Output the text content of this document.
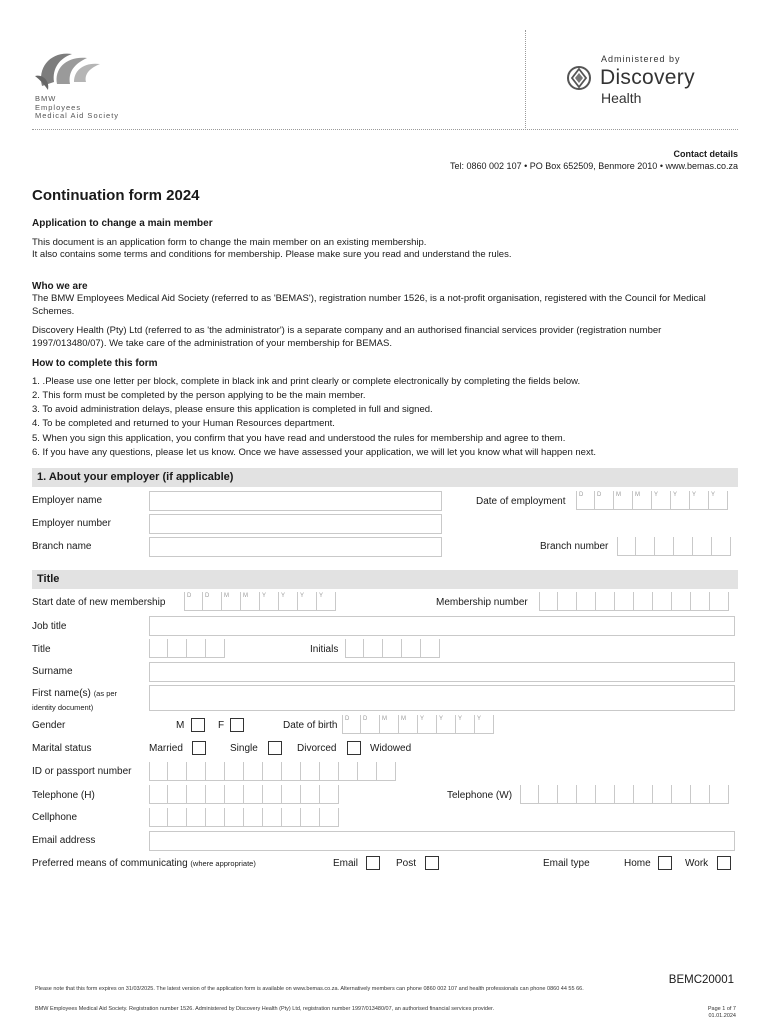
BMW
Employees
Medical Aid Society
Administered by
Discovery
Health
Contact details
Tel: 0860 002 107 • PO Box 652509, Benmore 2010 • www.bemas.co.za
Continuation form 2024
Application to change a main member
This document is an application form to change the main member on an existing membership.
It also contains some terms and conditions for membership. Please make sure you read and understand the rules.
Who we are
The BMW Employees Medical Aid Society (referred to as 'BEMAS'), registration number 1526, is a not-profit organisation, registered with the Council for Medical Schemes.
Discovery Health (Pty) Ltd (referred to as 'the administrator') is a separate company and an authorised financial services provider (registration number 1997/013480/07). We take care of the administration of your membership for BEMAS.
How to complete this form
1. .Please use one letter per block, complete in black ink and print clearly or complete electronically by completing the fields below.
2. This form must be completed by the person applying to be the main member.
3. To avoid administration delays, please ensure this application is completed in full and signed.
4. To be completed and returned to your Human Resources department.
5. When you sign this application, you confirm that you have read and understood the rules for membership and agree to them.
6. If you have any questions, please let us know. Once we have assessed your application, we will let you know what will happen next.
1. About your employer (if applicable)
Employer name	Date of employment
D D M M Y Y Y Y
Employer number
Branch name	Branch number
Title
Start date of new membership
D D M M Y Y Y Y
Membership number
Job title
Title	Initials
Surname
First name(s) (as per
identity document)
Gender	M	F	Date of birth
D D M M Y Y Y Y
Marital status	Married	Single	Divorced	Widowed
ID or passport number
Telephone (H)	Telephone (W)
Cellphone
Email address
Preferred means of communicating (where appropriate)	Email	Post	Email type	Home	Work
BEMC20001
Please note that this form expires on 31/03/2025. The latest version of the application form is available on www.bemas.co.za. Alternatively members can phone 0860 002 107 and health professionals can phone 0860 44 55 66.
BMW Employees Medical Aid Society. Registration number 1526. Administered by Discovery Health (Pty) Ltd, registration number 1997/013480/07, an authorised financial services provider.	Page 1 of 7
01.01.2024
